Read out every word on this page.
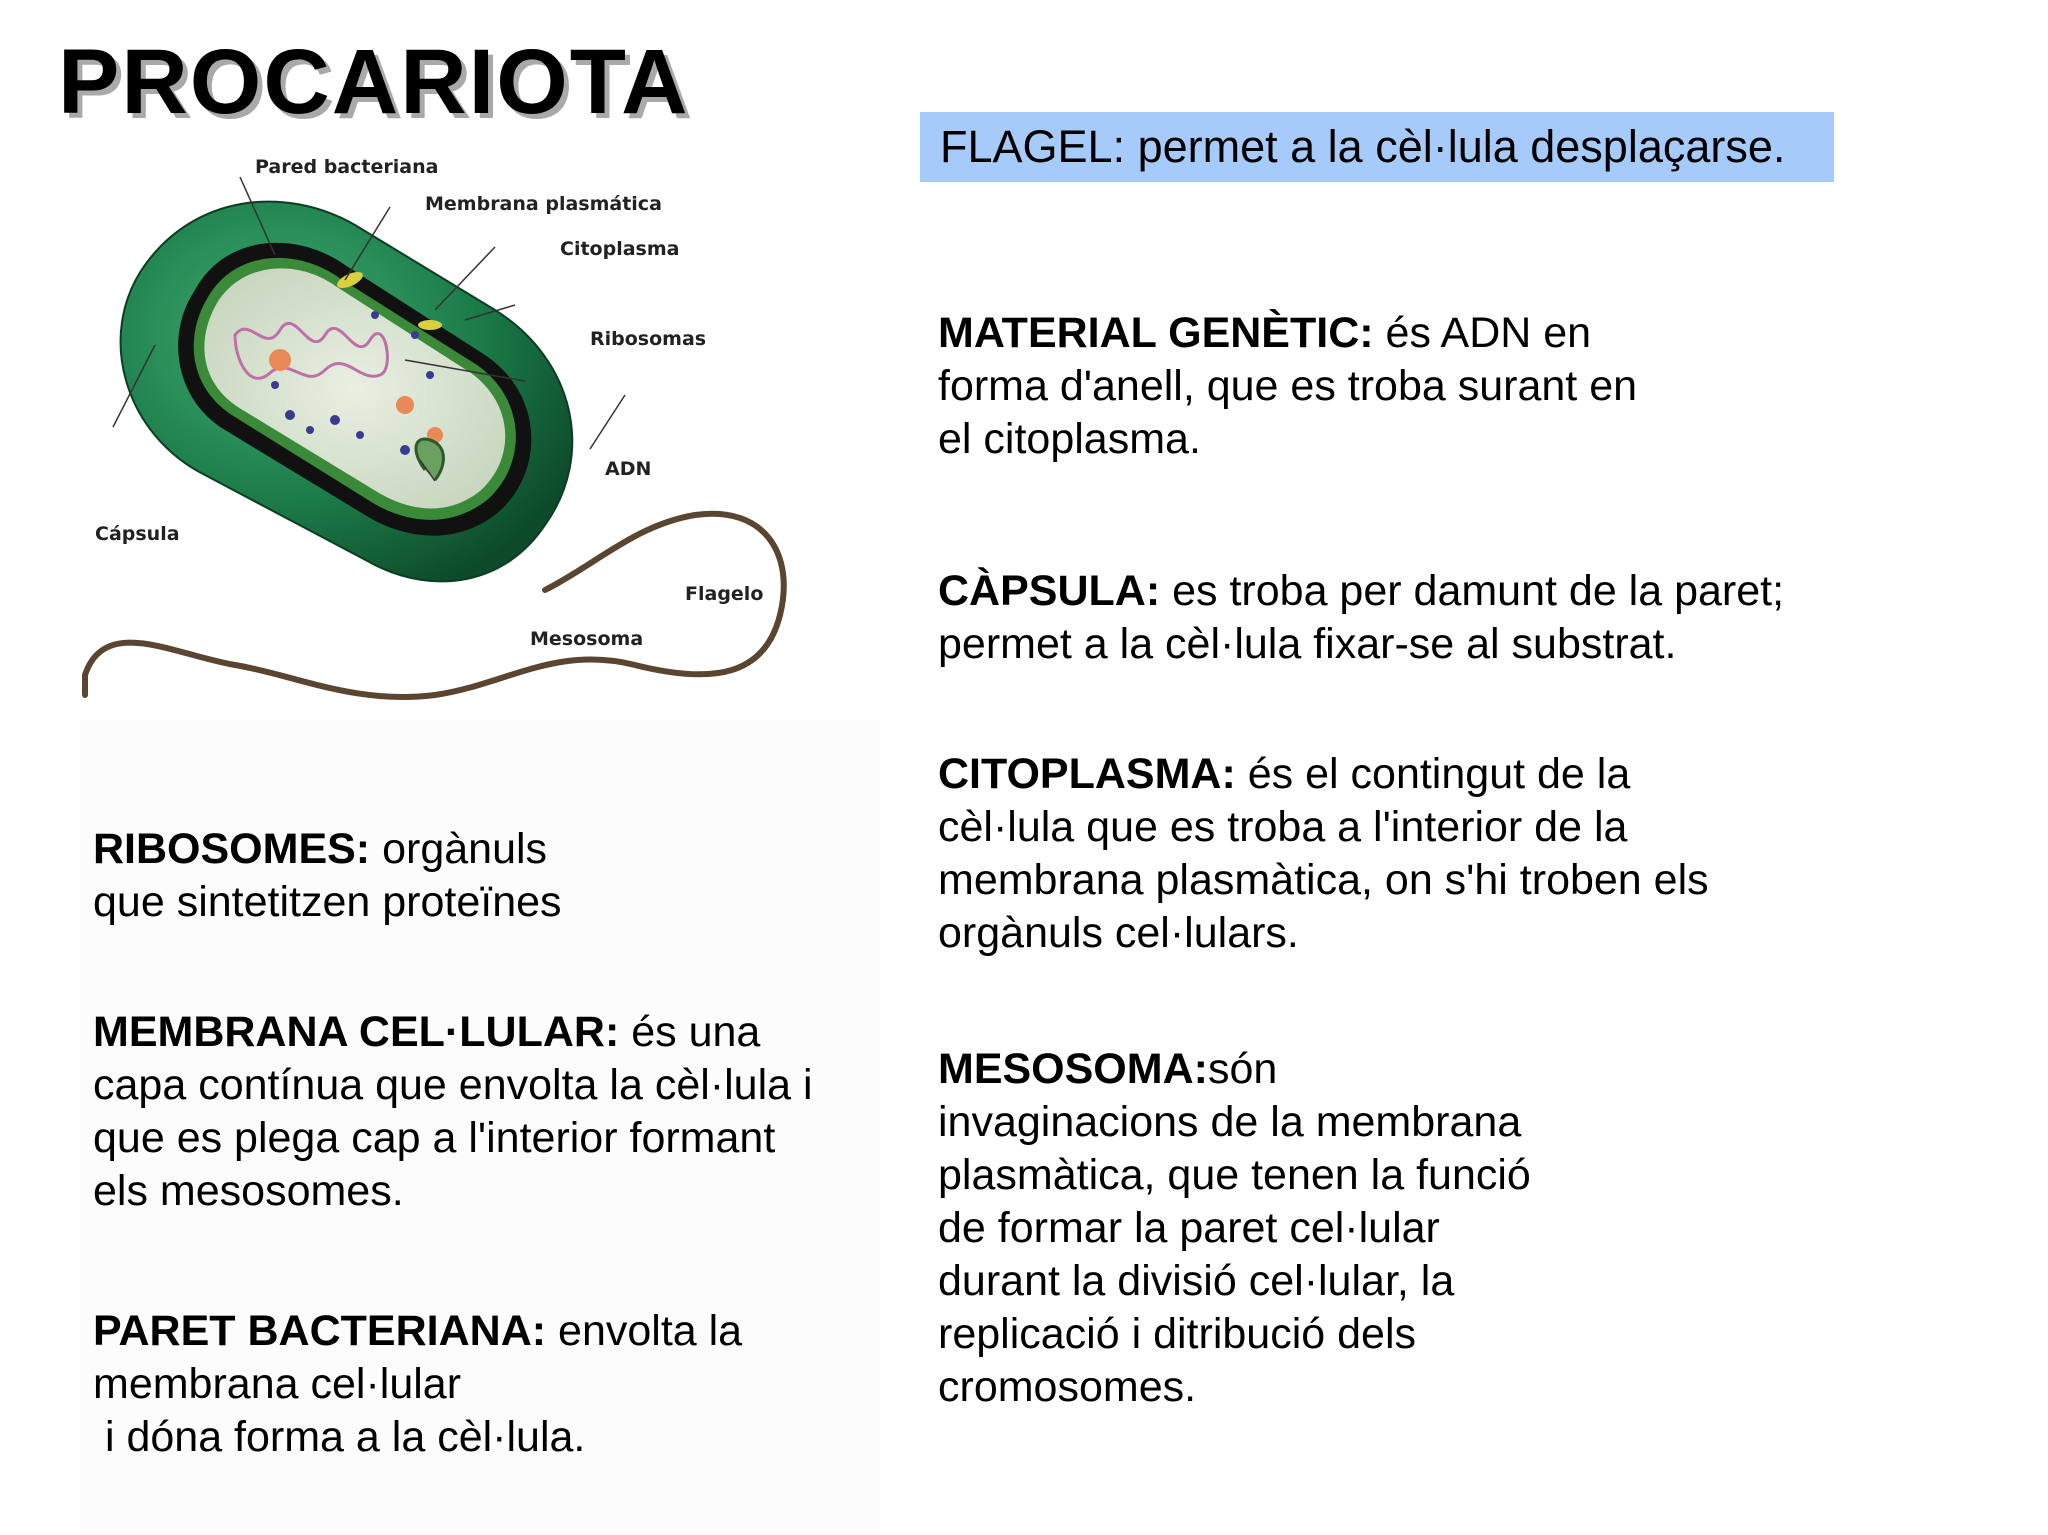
PROCARIOTA
Pared bacteriana
Membrana plasmática
Citoplasma
Ribosomas
ADN
Cápsula
Flagelo
Mesosoma
FLAGEL: permet a la cèl·lula desplaçarse.
MATERIAL GENÈTIC: és ADN en
forma d'anell, que es troba surant en
el citoplasma.
CÀPSULA: es troba per damunt de la paret;
permet a la cèl·lula fixar-se al substrat.
CITOPLASMA: és el contingut de la
cèl·lula que es troba a l'interior de la
membrana plasmàtica, on s'hi troben els
orgànuls cel·lulars.
MESOSOMA:són
invaginacions de la membrana
plasmàtica, que tenen la funció
de formar la paret cel·lular
durant la divisió cel·lular, la
replicació i ditribució dels
cromosomes.
RIBOSOMES: orgànuls
que sintetitzen proteïnes
MEMBRANA CEL·LULAR: és una
capa contínua que envolta la cèl·lula i
que es plega cap a l'interior formant
els mesosomes.
PARET BACTERIANA: envolta la
membrana cel·lular
i dóna forma a la cèl·lula.
